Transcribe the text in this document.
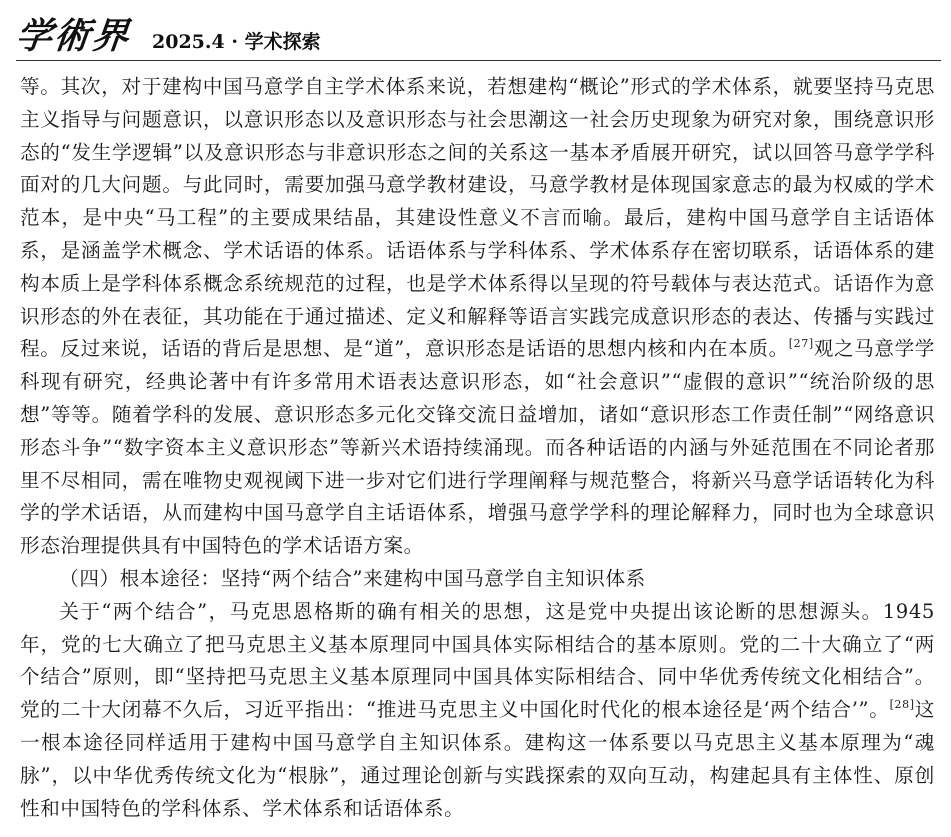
学術界 2025.4 · 学术探索

等。其次，对于建构中国马意学自主学术体系来说，若想建构“概论”形式的学术体系，就要坚持马克思主义指导与问题意识，以意识形态以及意识形态与社会思潮这一社会历史现象为研究对象，围绕意识形态的“发生学逻辑”以及意识形态与非意识形态之间的关系这一基本矛盾展开研究，试以回答马意学学科面对的几大问题。与此同时，需要加强马意学教材建设，马意学教材是体现国家意志的最为权威的学术范本，是中央“马工程”的主要成果结晶，其建设性意义不言而喻。最后，建构中国马意学自主话语体系，是涵盖学术概念、学术话语的体系。话语体系与学科体系、学术体系存在密切联系，话语体系的建构本质上是学科体系概念系统规范的过程，也是学术体系得以呈现的符号载体与表达范式。话语作为意识形态的外在表征，其功能在于通过描述、定义和解释等语言实践完成意识形态的表达、传播与实践过程。反过来说，话语的背后是思想、是“道”，意识形态是话语的思想内核和内在本质。[27]观之马意学学科现有研究，经典论著中有许多常用术语表达意识形态，如“社会意识”“虚假的意识”“统治阶级的思想”等等。随着学科的发展、意识形态多元化交锋交流日益增加，诸如“意识形态工作责任制”“网络意识形态斗争”“数字资本主义意识形态”等新兴术语持续涌现。而各种话语的内涵与外延范围在不同论者那里不尽相同，需在唯物史观视阈下进一步对它们进行学理阐释与规范整合，将新兴马意学话语转化为科学的学术话语，从而建构中国马意学自主话语体系，增强马意学学科的理论解释力，同时也为全球意识形态治理提供具有中国特色的学术话语方案。

（四）根本途径：坚持“两个结合”来建构中国马意学自主知识体系

关于“两个结合”，马克思恩格斯的确有相关的思想，这是党中央提出该论断的思想源头。1945年，党的七大确立了把马克思主义基本原理同中国具体实际相结合的基本原则。党的二十大确立了“两个结合”原则，即“坚持把马克思主义基本原理同中国具体实际相结合、同中华优秀传统文化相结合”。党的二十大闭幕不久后，习近平指出：“推进马克思主义中国化时代化的根本途径是‘两个结合’”。[28]这一根本途径同样适用于建构中国马意学自主知识体系。建构这一体系要以马克思主义基本原理为“魂脉”，以中华优秀传统文化为“根脉”，通过理论创新与实践探索的双向互动，构建起具有主体性、原创性和中国特色的学科体系、学术体系和话语体系。
